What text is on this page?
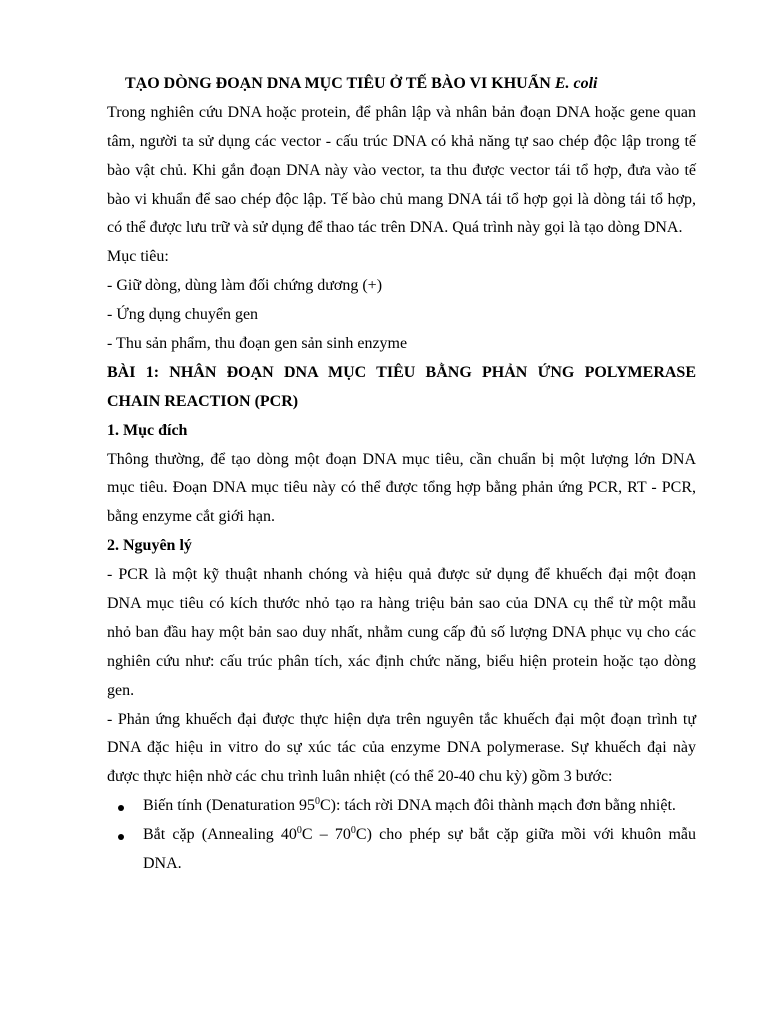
TẠO DÒNG ĐOẠN DNA MỤC TIÊU Ở TẾ BÀO VI KHUẨN E. coli
Trong nghiên cứu DNA hoặc protein, để phân lập và nhân bản đoạn DNA hoặc gene quan
tâm, người ta sử dụng các vector - cấu trúc DNA có khả năng tự sao chép độc lập trong tế
bào vật chủ. Khi gắn đoạn DNA này vào vector, ta thu được vector tái tổ hợp, đưa vào tế
bào vi khuẩn để sao chép độc lập. Tế bào chủ mang DNA tái tổ hợp gọi là dòng tái tổ hợp,
có thể được lưu trữ và sử dụng để thao tác trên DNA. Quá trình này gọi là tạo dòng DNA.
Mục tiêu:
- Giữ dòng, dùng làm đối chứng dương (+)
- Ứng dụng chuyển gen
- Thu sản phẩm, thu đoạn gen sản sinh enzyme
BÀI 1: NHÂN ĐOẠN DNA MỤC TIÊU BẰNG PHẢN ỨNG POLYMERASE
CHAIN REACTION (PCR)
1. Mục đích
Thông thường, để tạo dòng một đoạn DNA mục tiêu, cần chuẩn bị một lượng lớn DNA
mục tiêu. Đoạn DNA mục tiêu này có thể được tổng hợp bằng phản ứng PCR, RT - PCR,
bằng enzyme cắt giới hạn.
2. Nguyên lý
- PCR là một kỹ thuật nhanh chóng và hiệu quả được sử dụng để khuếch đại một đoạn
DNA mục tiêu có kích thước nhỏ tạo ra hàng triệu bản sao của DNA cụ thể từ một mẫu
nhỏ ban đầu hay một bản sao duy nhất, nhằm cung cấp đủ số lượng DNA phục vụ cho các
nghiên cứu như: cấu trúc phân tích, xác định chức năng, biểu hiện protein hoặc tạo dòng
gen.
- Phản ứng khuếch đại được thực hiện dựa trên nguyên tắc khuếch đại một đoạn trình tự
DNA đặc hiệu in vitro do sự xúc tác của enzyme DNA polymerase. Sự khuếch đại này
được thực hiện nhờ các chu trình luân nhiệt (có thể 20-40 chu kỳ) gồm 3 bước:
Biến tính (Denaturation $95^0C$): tách rời DNA mạch đôi thành mạch đơn bằng nhiệt.
Bắt cặp (Annealing $40^0C - 70^0C$) cho phép sự bắt cặp giữa mồi với khuôn mẫu
DNA.
